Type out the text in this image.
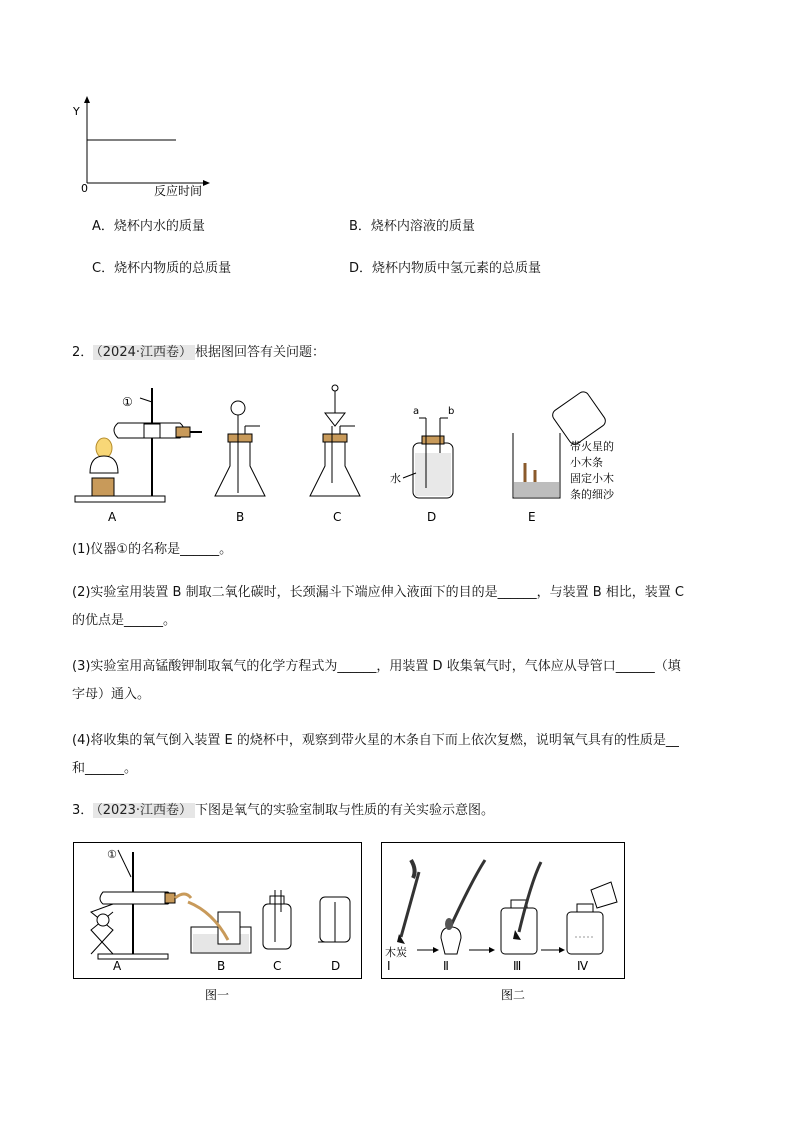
Y
0	反应时间
A．烧杯内水的质量	B．烧杯内溶液的质量
C．烧杯内物质的总质量	D．烧杯内物质中氢元素的总质量
2． （2024·江西卷） 根据图回答有关问题：
①
A	B	C
a	b
水
D
带火星的
小木条
固定小木
条的细沙
E
(1)仪器①的名称是______。
(2)实验室用装置 B 制取二氧化碳时，长颈漏斗下端应伸入液面下的目的是______，与装置 B 相比，装置 C
的优点是______。
(3)实验室用高锰酸钾制取氧气的化学方程式为______，用装置 D 收集氧气时，气体应从导管口______（填
字母）通入。
(4)将收集的氧气倒入装置 E 的烧杯中，观察到带火星的木条自下而上依次复燃，说明氧气具有的性质是__
和______。
3． （2023·江西卷） 下图是氧气的实验室制取与性质的有关实验示意图。
①
A	B	C	D
图一
木炭
Ⅰ	Ⅱ	Ⅲ	Ⅳ
图二
